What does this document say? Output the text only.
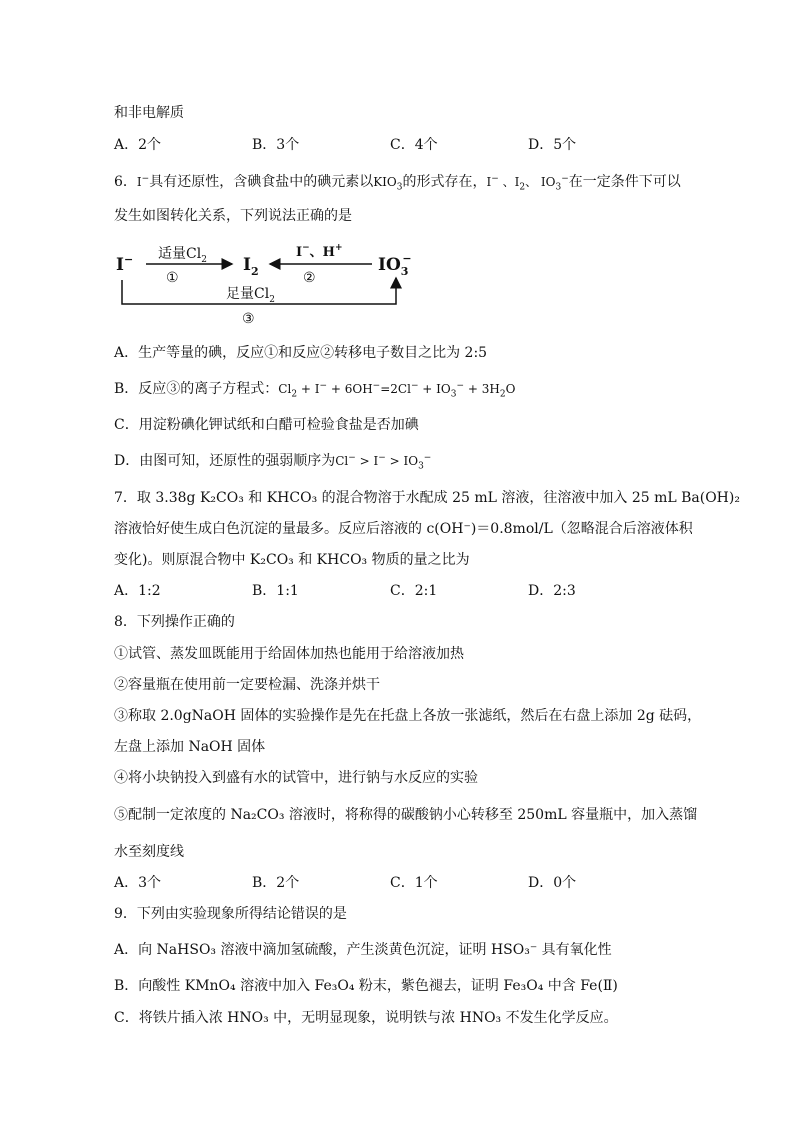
和非电解质
A．2个	B．3个	C．4个	D．5个
6．I−具有还原性，含碘食盐中的碘元素以$KIO_3$的形式存在，I− 、$I_2$、 $IO_3^-$在一定条件下可以
发生如图转化关系，下列说法正确的是
I−	$I_2$	$IO_3-$
适量$Cl_2$
①
I−、H+
②
足量$Cl_2$
③
A．生产等量的碘，反应①和反应②转移电子数目之比为 2:5
B．反应③的离子方程式：$Cl_2 + I^- + 6OH^-=2Cl^- + IO_3^- + 3H_2O$
C．用淀粉碘化钾试纸和白醋可检验食盐是否加碘
D．由图可知，还原性的强弱顺序为$Cl^- > I^- > IO_3^-$
7．取 3.38g K₂CO₃ 和 KHCO₃ 的混合物溶于水配成 25 mL 溶液，往溶液中加入 25 mL Ba(OH)₂
溶液恰好使生成白色沉淀的量最多。反应后溶液的 c(OH⁻)＝0.8mol/L（忽略混合后溶液体积
变化)。则原混合物中 K₂CO₃ 和 KHCO₃ 物质的量之比为
A．1:2	B．1:1	C．2:1	D．2:3
8．下列操作正确的
①试管、蒸发皿既能用于给固体加热也能用于给溶液加热
②容量瓶在使用前一定要检漏、洗涤并烘干
③称取 2.0gNaOH 固体的实验操作是先在托盘上各放一张滤纸，然后在右盘上添加 2g 砝码，
左盘上添加 NaOH 固体
④将小块钠投入到盛有水的试管中，进行钠与水反应的实验
⑤配制一定浓度的 Na₂CO₃ 溶液时，将称得的碳酸钠小心转移至 250mL 容量瓶中，加入蒸馏
水至刻度线
A．3个	B．2个	C．1个	D．0个
9．下列由实验现象所得结论错误的是
A．向 NaHSO₃ 溶液中滴加氢硫酸，产生淡黄色沉淀，证明 HSO₃⁻ 具有氧化性
B．向酸性 KMnO₄ 溶液中加入 Fe₃O₄ 粉末，紫色褪去，证明 Fe₃O₄ 中含 Fe(Ⅱ)
C．将铁片插入浓 HNO₃ 中，无明显现象，说明铁与浓 HNO₃ 不发生化学反应。
